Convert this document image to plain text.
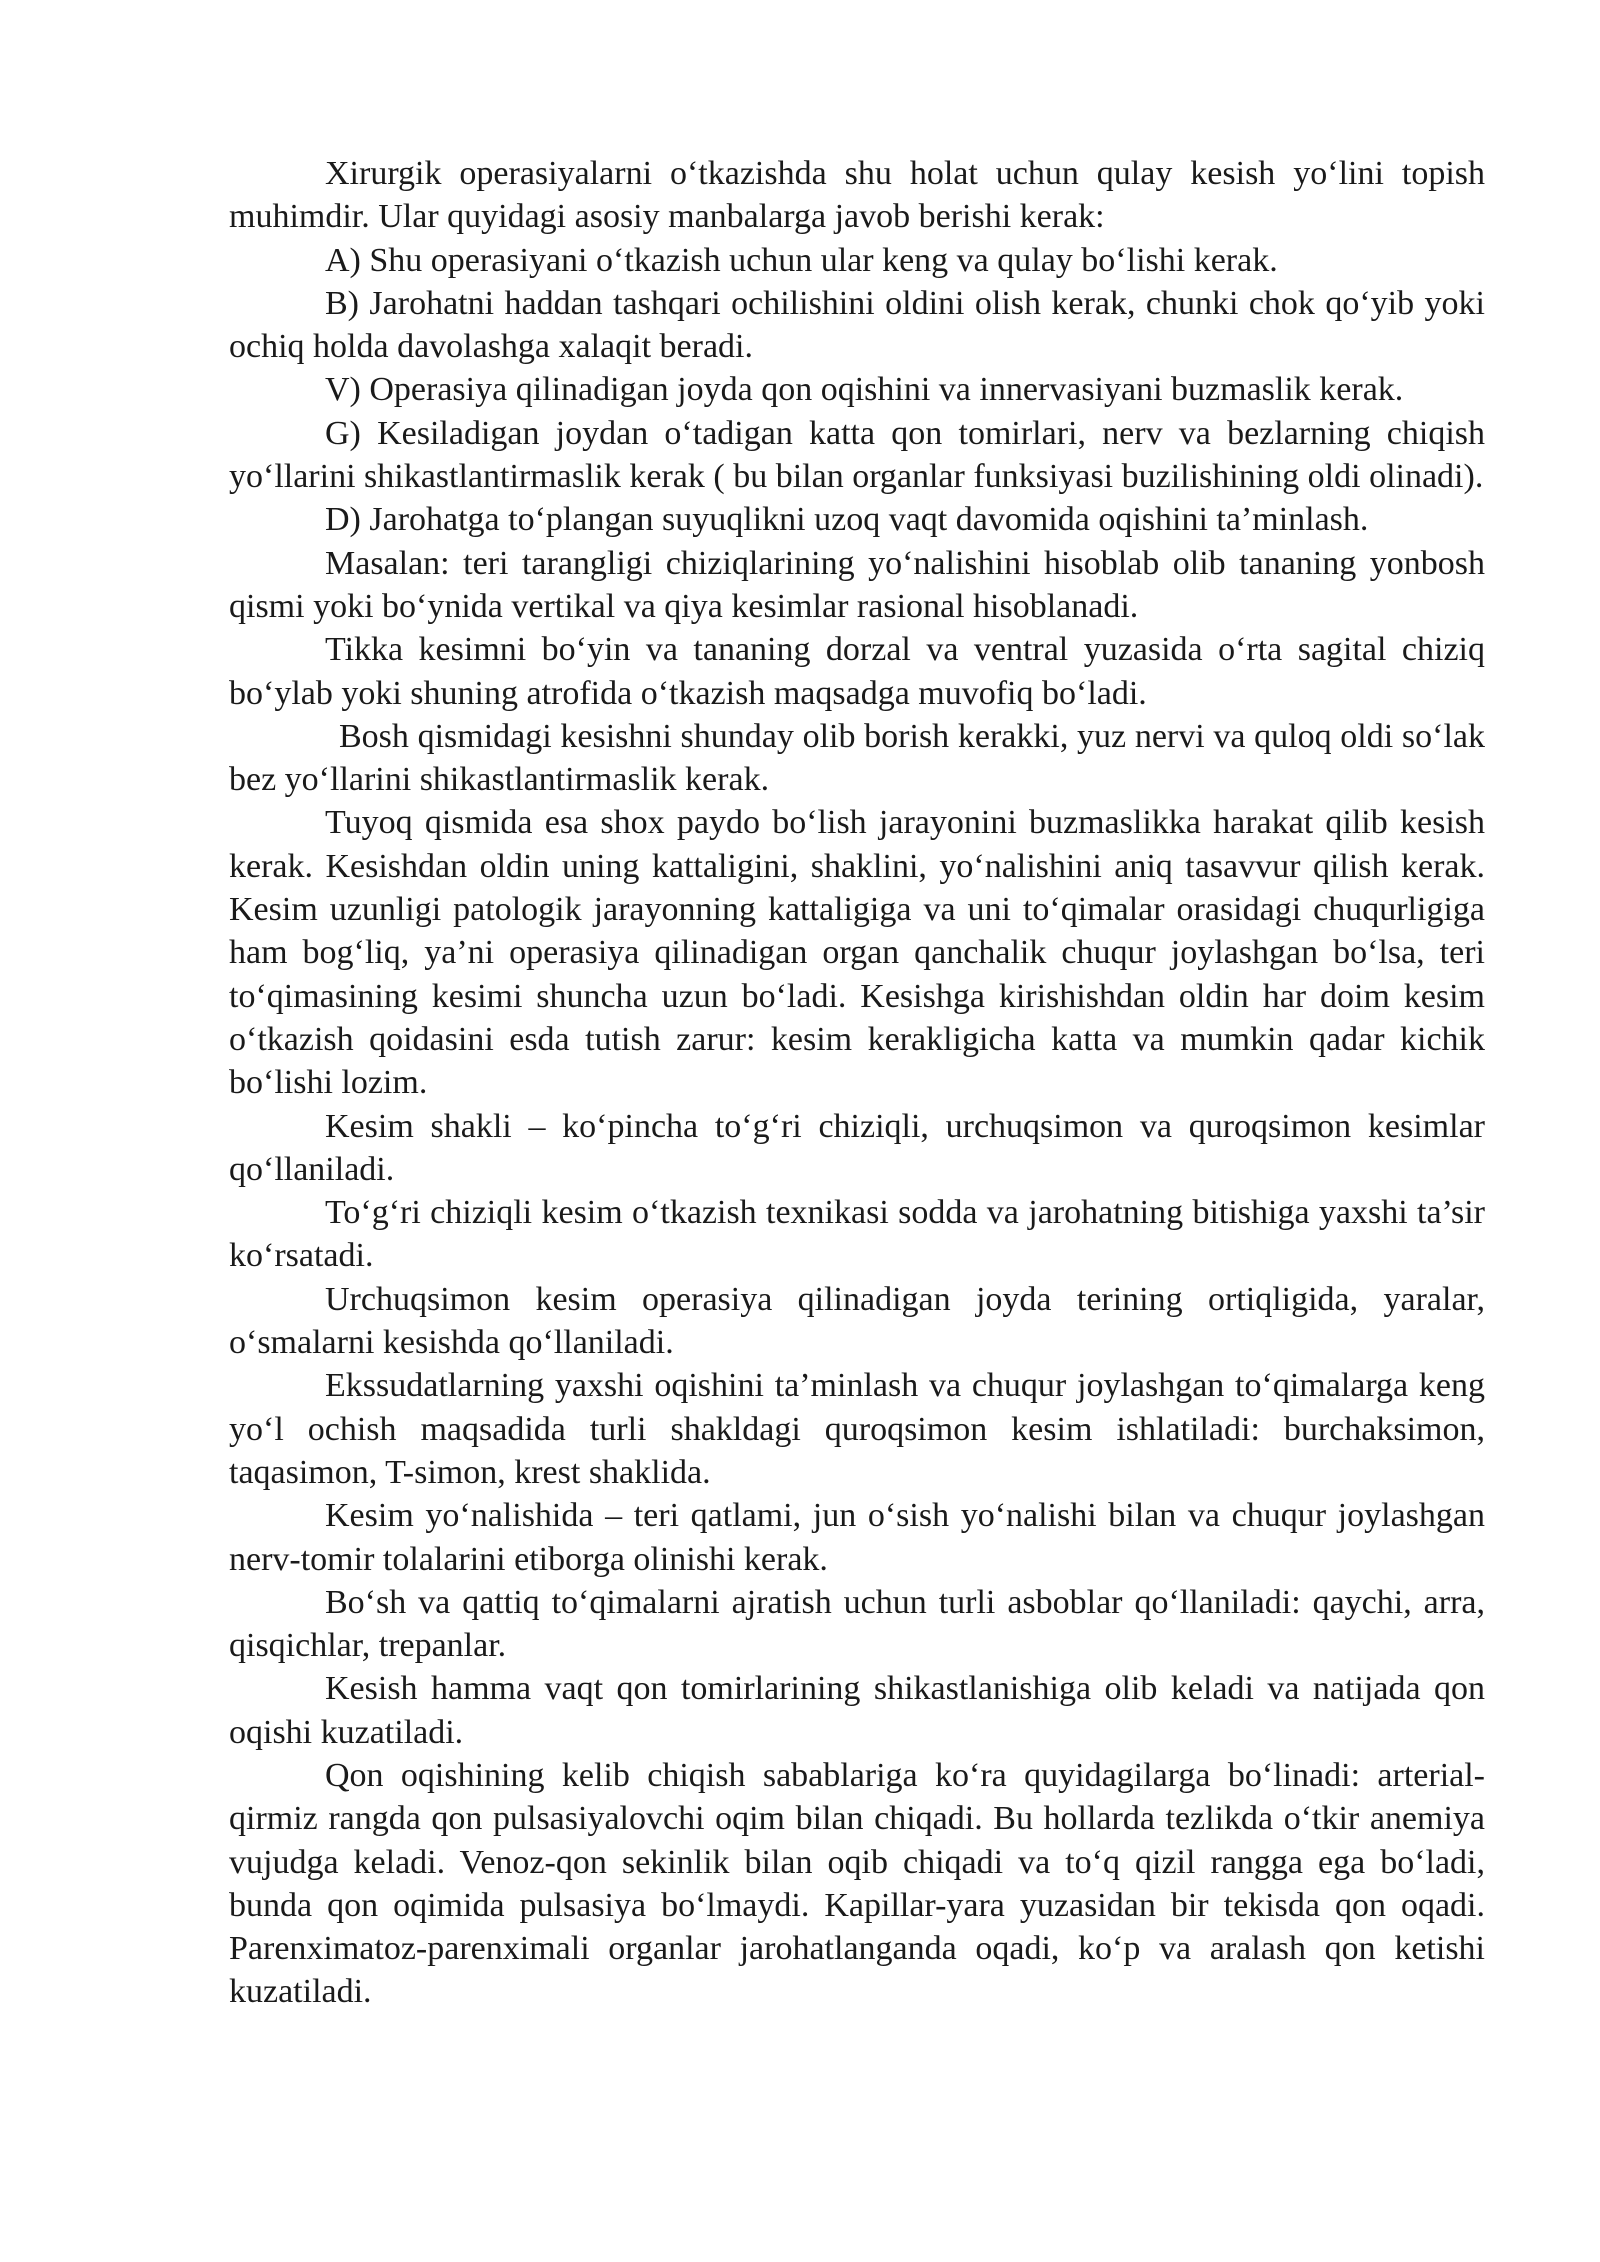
Xirurgik operasiyalarni o‘tkazishda shu holat uchun qulay kesish yo‘lini topish muhimdir. Ular quyidagi asosiy manbalarga javob berishi kerak:

A) Shu operasiyani o‘tkazish uchun ular keng va qulay bo‘lishi kerak.

B) Jarohatni haddan tashqari ochilishini oldini olish kerak, chunki chok qo‘yib yoki ochiq holda davolashga xalaqit beradi.

V) Operasiya qilinadigan joyda qon oqishini va innervasiyani buzmaslik kerak.

G) Kesiladigan joydan o‘tadigan katta qon tomirlari, nerv va bezlarning chiqish yo‘llarini shikastlantirmaslik kerak ( bu bilan organlar funksiyasi buzilishining oldi olinadi).

D) Jarohatga to‘plangan suyuqlikni uzoq vaqt davomida oqishini ta’minlash.

Masalan: teri tarangligi chiziqlarining yo‘nalishini hisoblab olib tananing yonbosh qismi yoki bo‘ynida vertikal va qiya kesimlar rasional hisoblanadi.

Tikka kesimni bo‘yin va tananing dorzal va ventral yuzasida o‘rta sagital chiziq bo‘ylab yoki shuning atrofida o‘tkazish maqsadga muvofiq bo‘ladi.

Bosh qismidagi kesishni shunday olib borish kerakki, yuz nervi va quloq oldi so‘lak bez yo‘llarini shikastlantirmaslik kerak.

Tuyoq qismida esa shox paydo bo‘lish jarayonini buzmaslikka harakat qilib kesish kerak. Kesishdan oldin uning kattaligini, shaklini, yo‘nalishini aniq tasavvur qilish kerak. Kesim uzunligi patologik jarayonning kattaligiga va uni to‘qimalar orasidagi chuqurligiga ham bog‘liq, ya’ni operasiya qilinadigan organ qanchalik chuqur joylashgan bo‘lsa, teri to‘qimasining kesimi shuncha uzun bo‘ladi. Kesishga kirishishdan oldin har doim kesim o‘tkazish qoidasini esda tutish zarur: kesim kerakligicha katta va mumkin qadar kichik bo‘lishi lozim.

Kesim shakli – ko‘pincha to‘g‘ri chiziqli, urchuqsimon va quroqsimon kesimlar qo‘llaniladi.

To‘g‘ri chiziqli kesim o‘tkazish texnikasi sodda va jarohatning bitishiga yaxshi ta’sir ko‘rsatadi.

Urchuqsimon kesim operasiya qilinadigan joyda terining ortiqligida, yaralar, o‘smalarni kesishda qo‘llaniladi.

Ekssudatlarning yaxshi oqishini ta’minlash va chuqur joylashgan to‘qimalarga keng yo‘l ochish maqsadida turli shakldagi quroqsimon kesim ishlatiladi: burchaksimon, taqasimon, T-simon, krest shaklida.

Kesim yo‘nalishida – teri qatlami, jun o‘sish yo‘nalishi bilan va chuqur joylashgan nerv-tomir tolalarini etiborga olinishi kerak.

Bo‘sh va qattiq to‘qimalarni ajratish uchun turli asboblar qo‘llaniladi: qaychi, arra, qisqichlar, trepanlar.

Kesish hamma vaqt qon tomirlarining shikastlanishiga olib keladi va natijada qon oqishi kuzatiladi.

Qon oqishining kelib chiqish sabablariga ko‘ra quyidagilarga bo‘linadi: arterial-qirmiz rangda qon pulsasiyalovchi oqim bilan chiqadi. Bu hollarda tezlikda o‘tkir anemiya vujudga keladi. Venoz-qon sekinlik bilan oqib chiqadi va to‘q qizil rangga ega bo‘ladi, bunda qon oqimida pulsasiya bo‘lmaydi. Kapillar-yara yuzasidan bir tekisda qon oqadi. Parenximatoz-parenximali organlar jarohatlanganda oqadi, ko‘p va aralash qon ketishi kuzatiladi.
